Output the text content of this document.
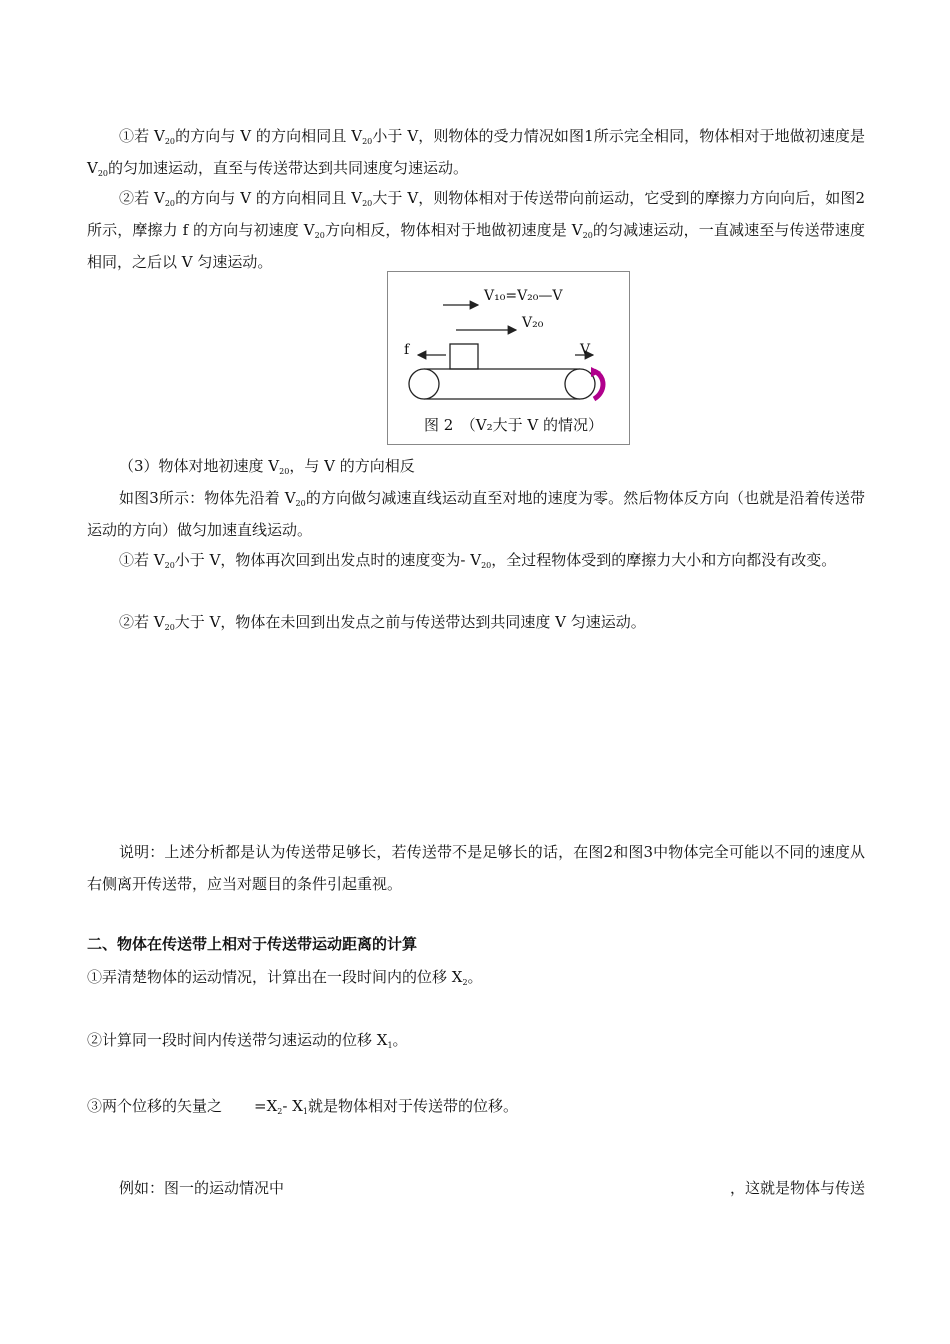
①若 $V_{20}$的方向与 V 的方向相同且 $V_{20}$小于 V，则物体的受力情况如图1所示完全相同，物体相对于地做初速度是 $V_{20}$的匀加速运动，直至与传送带达到共同速度匀速运动。

②若 $V_{20}$的方向与 V 的方向相同且 $V_{20}$大于 V，则物体相对于传送带向前运动，它受到的摩擦力方向向后，如图2所示，摩擦力 f 的方向与初速度 $V_{20}$方向相反，物体相对于地做初速度是 $V_{20}$的匀减速运动，一直减速至与传送带速度相同，之后以 V 匀速运动。

V₁₀=V₂₀—V
V₂₀
f	V
图 2　（V₂大于 V 的情况）

（3）物体对地初速度 $V_{20}$，与 V 的方向相反

如图3所示：物体先沿着 $V_{20}$的方向做匀减速直线运动直至对地的速度为零。然后物体反方向（也就是沿着传送带运动的方向）做匀加速直线运动。

①若 $V_{20}$小于 V，物体再次回到出发点时的速度变为- $V_{20}$，全过程物体受到的摩擦力大小和方向都没有改变。

②若 $V_{20}$大于 V，物体在未回到出发点之前与传送带达到共同速度 V 匀速运动。

说明：上述分析都是认为传送带足够长，若传送带不是足够长的话，在图2和图3中物体完全可能以不同的速度从右侧离开传送带，应当对题目的条件引起重视。

二、物体在传送带上相对于传送带运动距离的计算

①弄清楚物体的运动情况，计算出在一段时间内的位移 $X_2$。

②计算同一段时间内传送带匀速运动的位移 $X_1$。

③两个位移的矢量之 $=X_2-$ $X_1$就是物体相对于传送带的位移。

例如：图一的运动情况中	，这就是物体与传送
